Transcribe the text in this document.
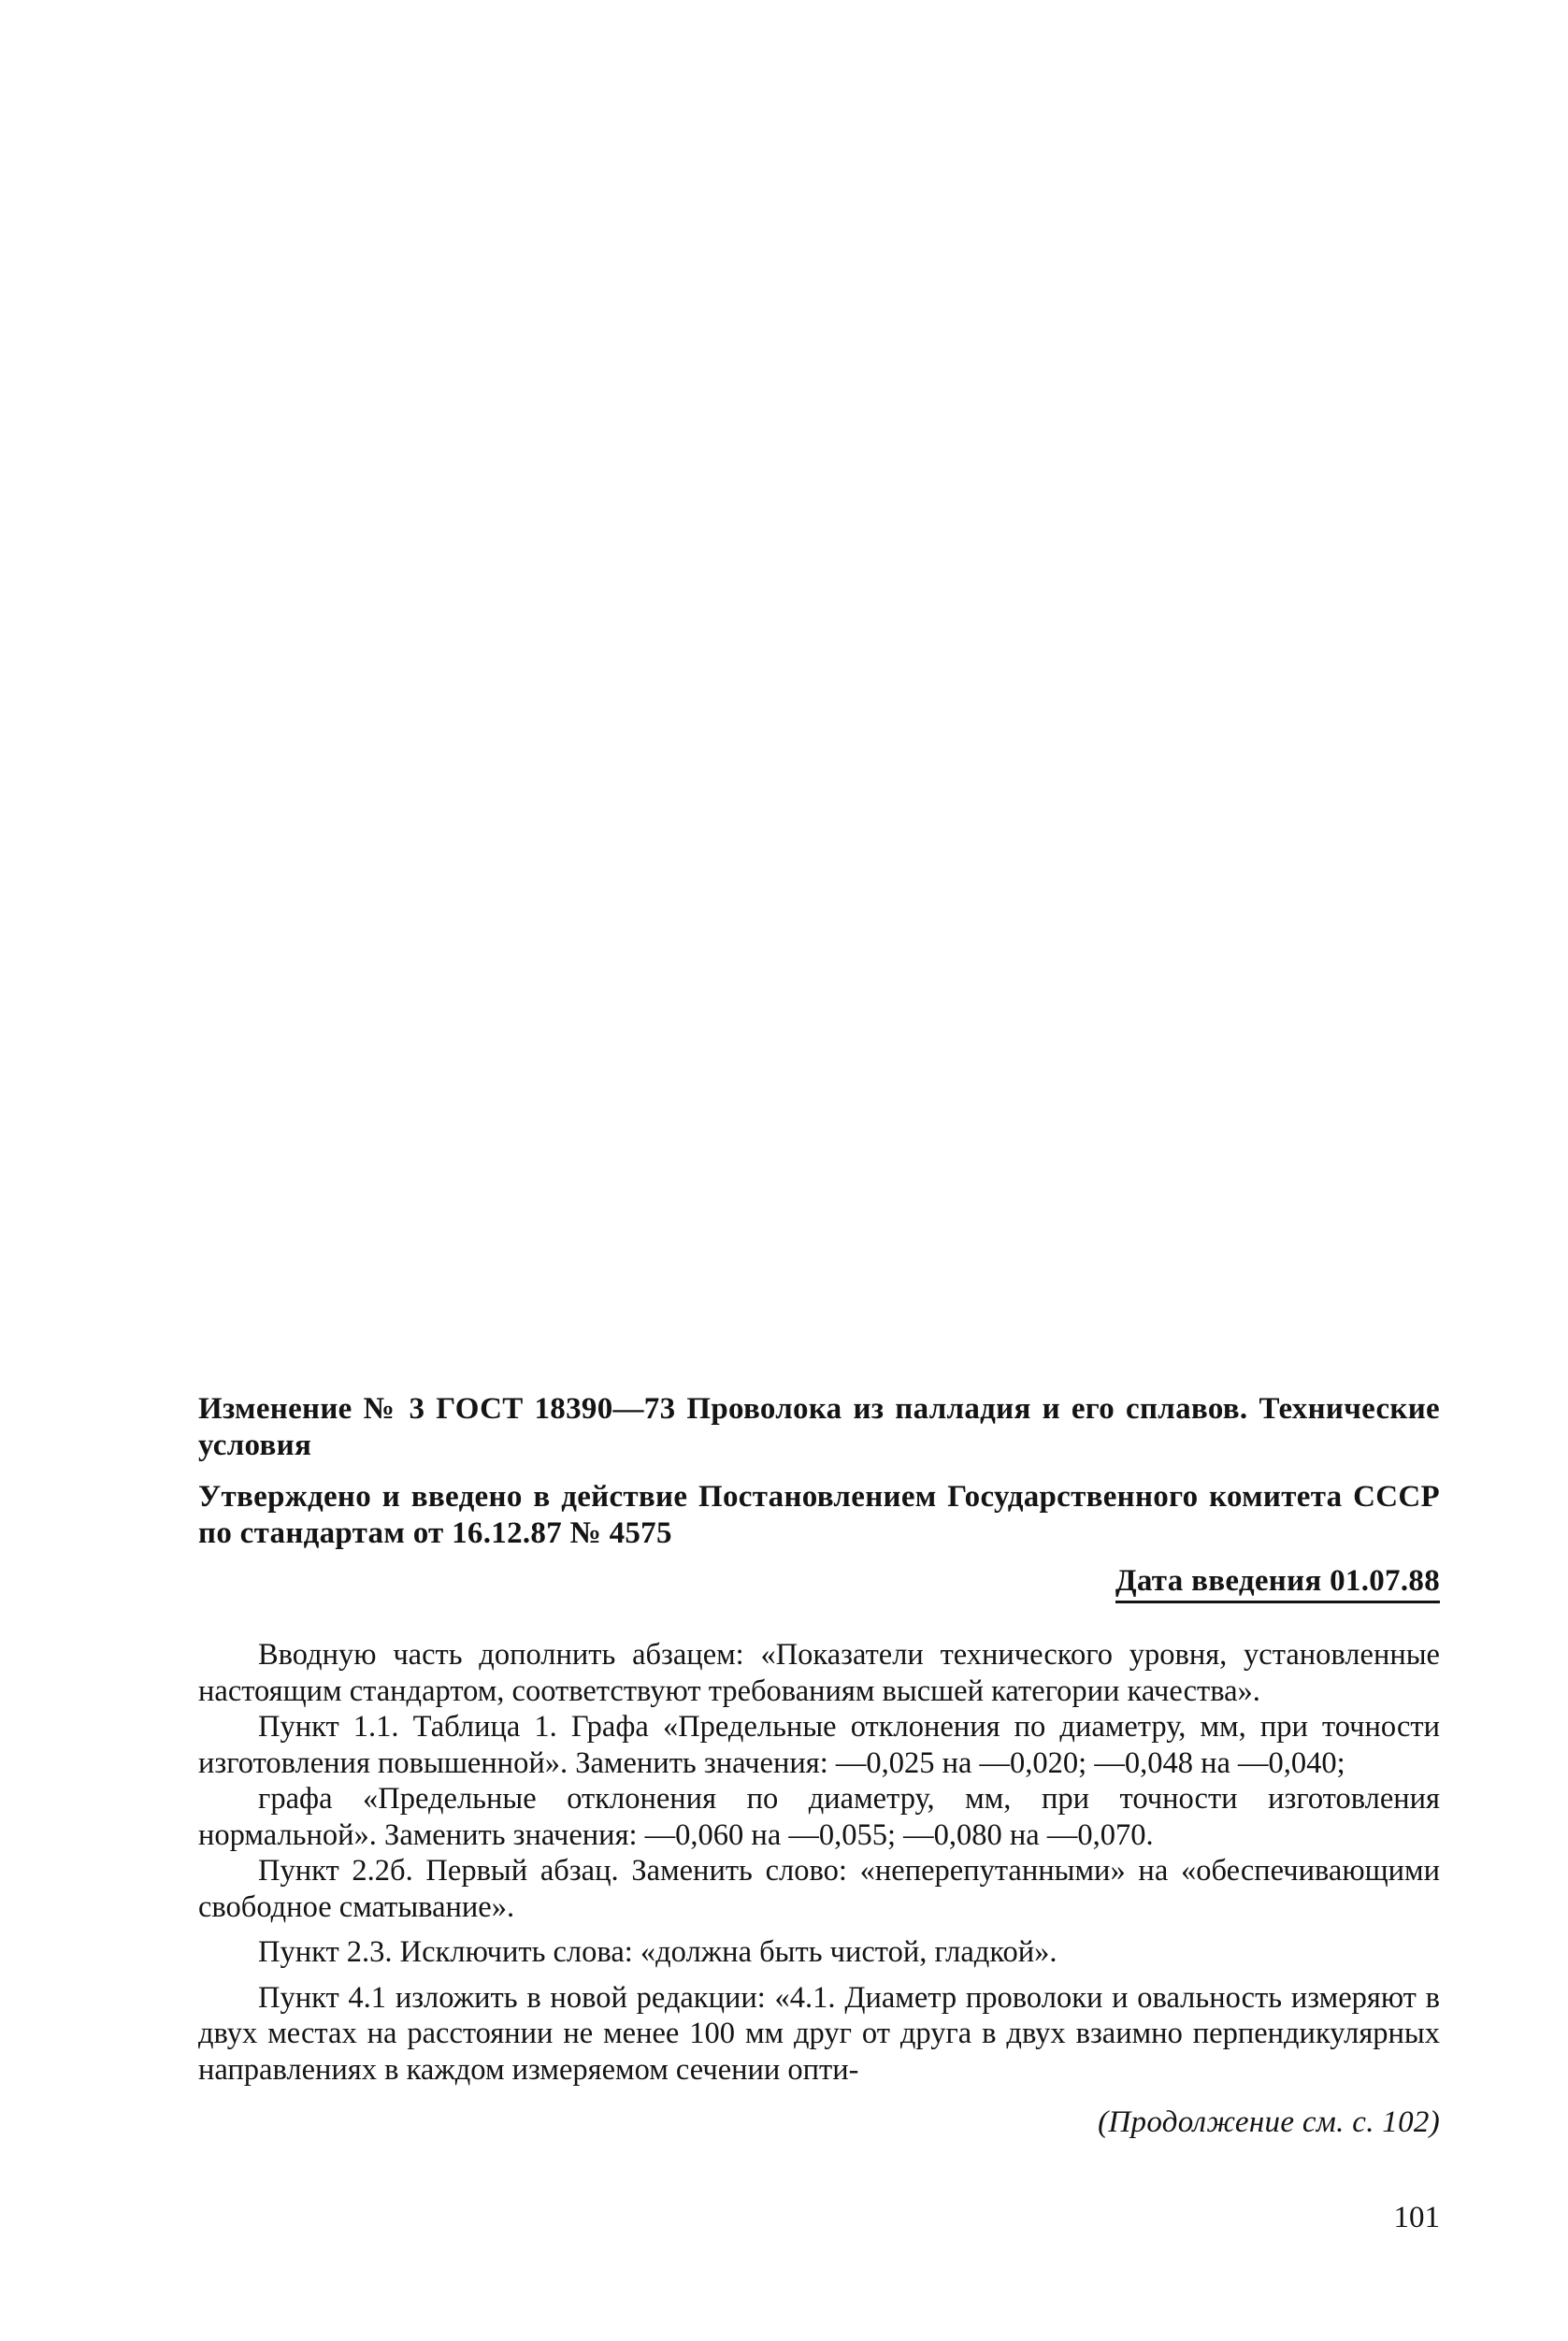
Изменение № 3 ГОСТ 18390—73 Проволока из палладия и его сплавов. Технические условия

Утверждено и введено в действие Постановлением Государственного комитета СССР по стандартам от 16.12.87 № 4575

Дата введения 01.07.88

Вводную часть дополнить абзацем: «Показатели технического уровня, установленные настоящим стандартом, соответствуют требованиям высшей категории качества».

Пункт 1.1. Таблица 1. Графа «Предельные отклонения по диаметру, мм, при точности изготовления повышенной». Заменить значения: —0,025 на —0,020; —0,048 на —0,040;

графа «Предельные отклонения по диаметру, мм, при точности изготовления нормальной». Заменить значения: —0,060 на —0,055; —0,080 на —0,070.

Пункт 2.2б. Первый абзац. Заменить слово: «неперепутанными» на «обеспечивающими свободное сматывание».

Пункт 2.3. Исключить слова: «должна быть чистой, гладкой».

Пункт 4.1 изложить в новой редакции: «4.1. Диаметр проволоки и овальность измеряют в двух местах на расстоянии не менее 100 мм друг от друга в двух взаимно перпендикулярных направлениях в каждом измеряемом сечении опти-

(Продолжение см. с. 102)
101
